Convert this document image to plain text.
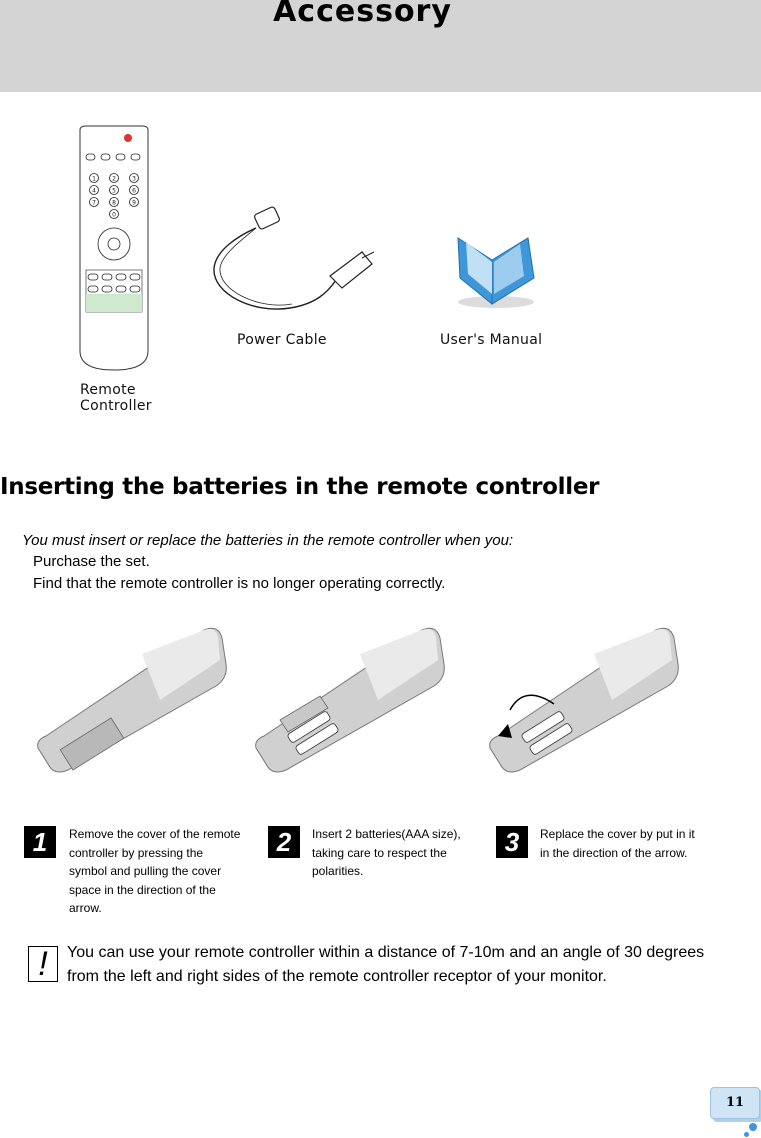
Accessory
1	2	3
4	5	6
7	8	9
0
Remote
Controller
Power Cable	User's Manual
Inserting the batteries in the remote controller
You must insert or replace the batteries in the remote controller when you:
Purchase the set.
Find that the remote controller is no longer operating correctly.
1	Remove the cover of the remote controller by pressing the symbol and pulling the cover space in the direction of the arrow.
2	Insert 2 batteries(AAA size), taking care to respect the polarities.
3	Replace the cover by put in it in the direction of the arrow.
!	You can use your remote controller within a distance of 7-10m and an angle of 30 degrees from the left and right sides of the remote controller receptor of your monitor.
11
